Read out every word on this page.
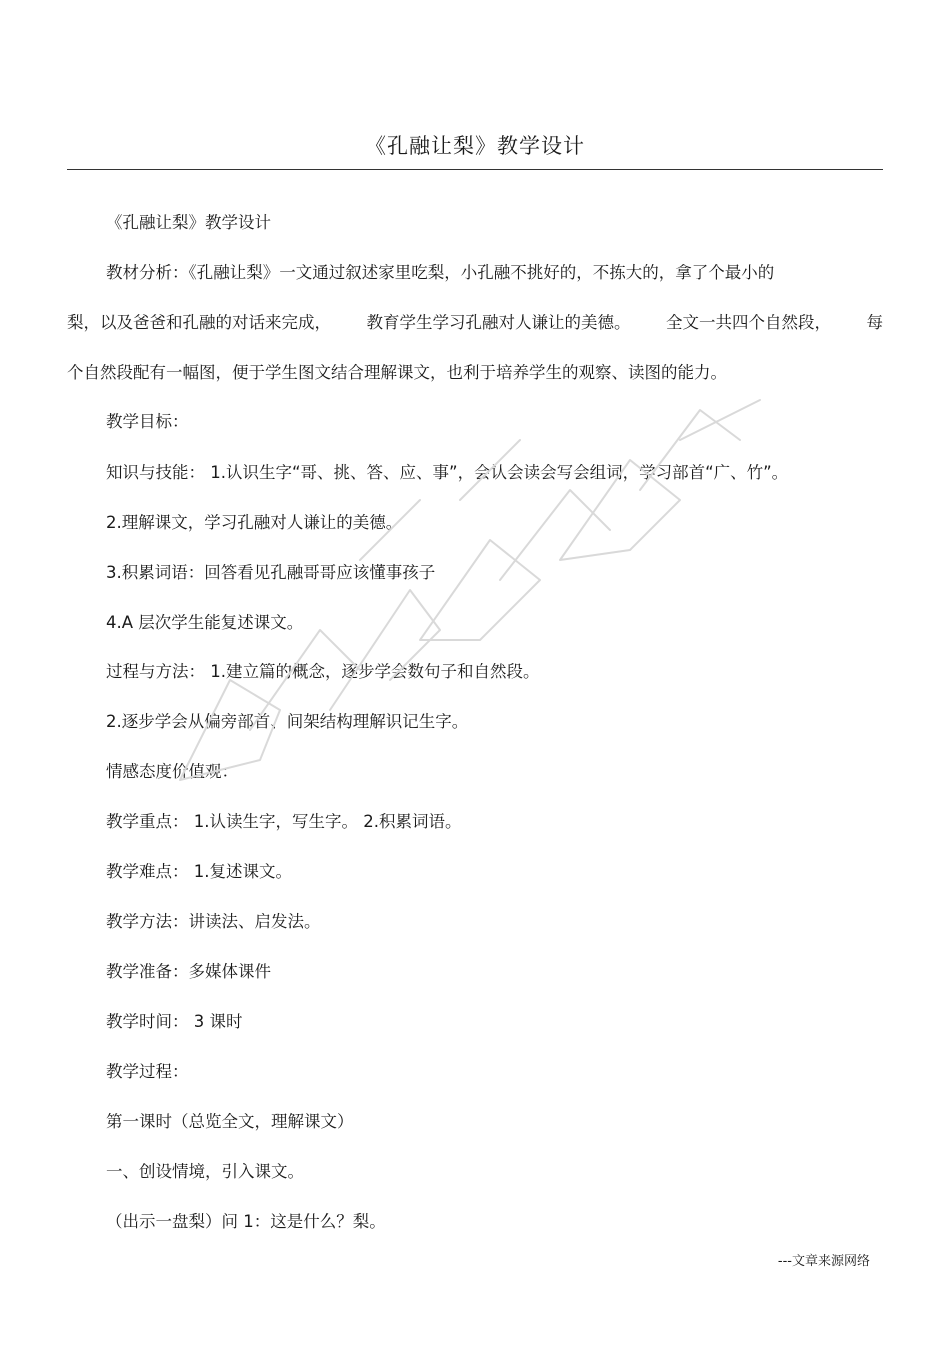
《孔融让梨》教学设计
《孔融让梨》教学设计
教材分析：《孔融让梨》一文通过叙述家里吃梨，小孔融不挑好的，不拣大的，拿了个最小的
梨，以及爸爸和孔融的对话来完成， 教育学生学习孔融对人谦让的美德。 全文一共四个自然段， 每
个自然段配有一幅图，便于学生图文结合理解课文，也利于培养学生的观察、读图的能力。
教学目标：
知识与技能： 1.认识生字“哥、挑、答、应、事”，会认会读会写会组词，学习部首“广、竹”。
2.理解课文，学习孔融对人谦让的美德。
3.积累词语：回答看见孔融哥哥应该懂事孩子
4.A 层次学生能复述课文。
过程与方法： 1.建立篇的概念，逐步学会数句子和自然段。
2.逐步学会从偏旁部首、间架结构理解识记生字。
情感态度价值观：
教学重点： 1.认读生字，写生字。 2.积累词语。
教学难点： 1.复述课文。
教学方法：讲读法、启发法。
教学准备：多媒体课件
教学时间： 3 课时
教学过程：
第一课时（总览全文，理解课文）
一、创设情境，引入课文。
（出示一盘梨）问 1：这是什么？梨。
---文章来源网络
